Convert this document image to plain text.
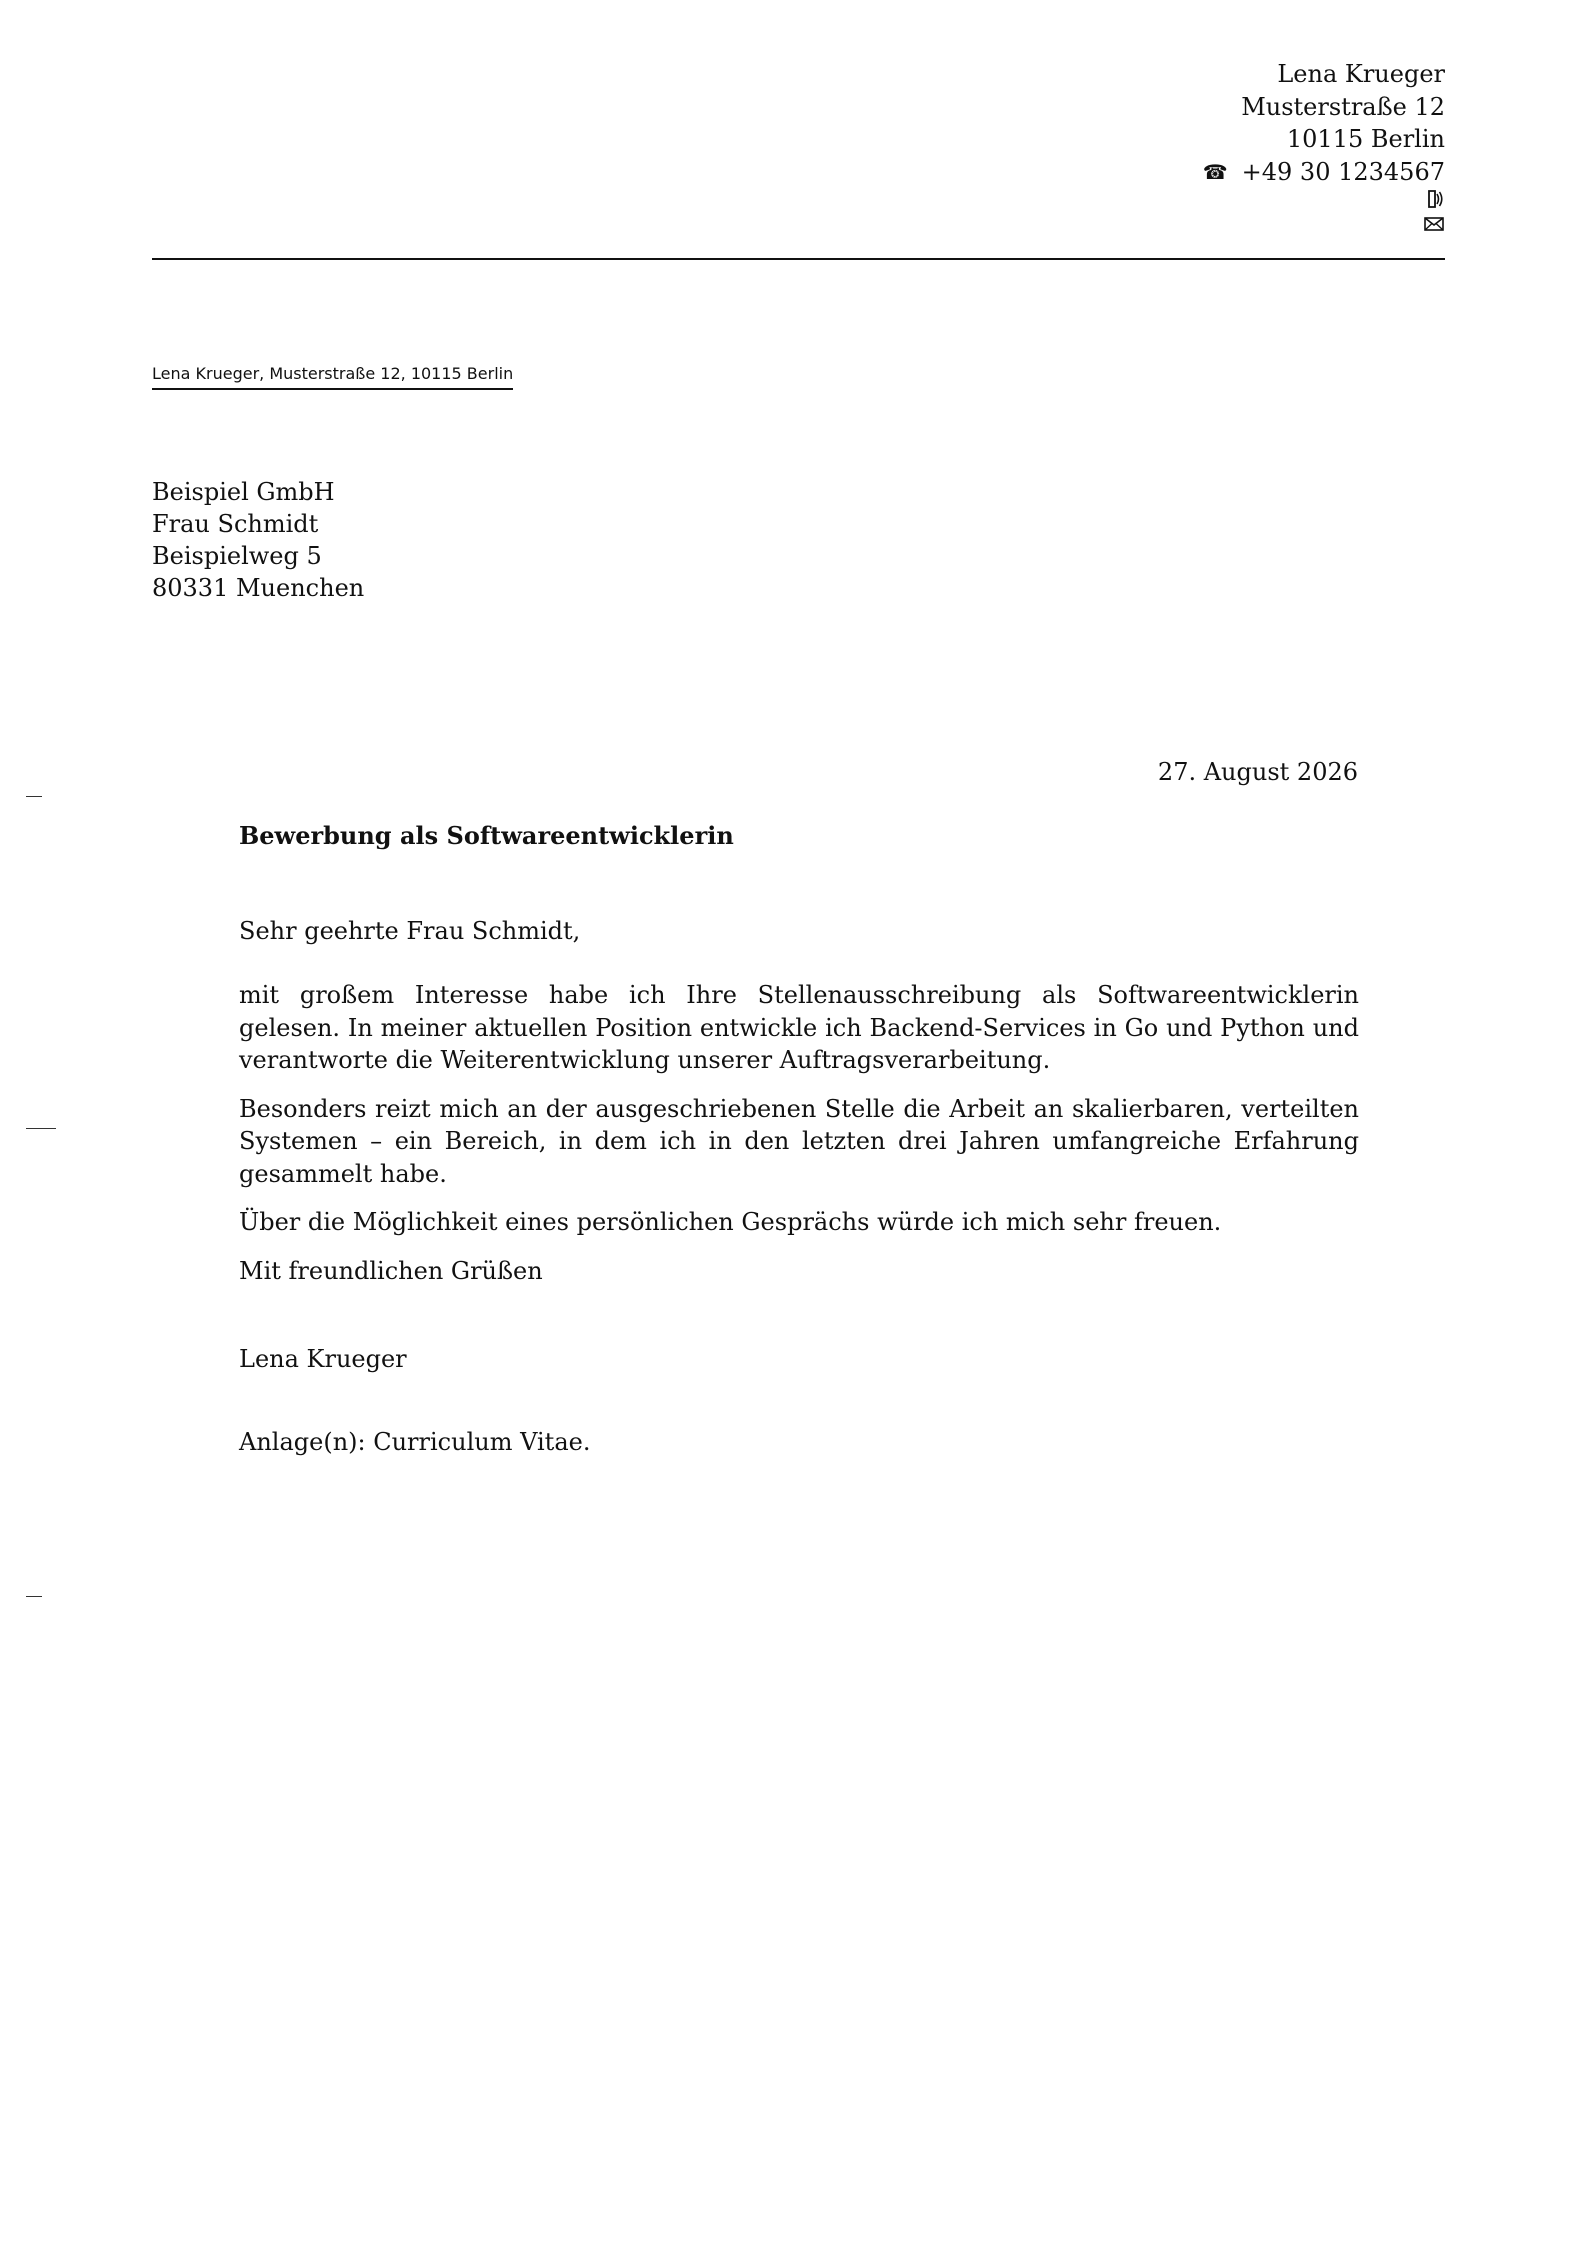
Lena Krueger
Musterstraße 12
10115 Berlin
☎ +49 30 1234567
Lena Krueger, Musterstraße 12, 10115 Berlin
Beispiel GmbH
Frau Schmidt
Beispielweg 5
80331 Muenchen
27. August 2026

Bewerbung als Softwareentwicklerin

Sehr geehrte Frau Schmidt,

mit großem Interesse habe ich Ihre Stellenausschreibung als Softwareentwicklerin gelesen. In meiner aktuellen Position entwickle ich Backend-Services in Go und Python und verantworte die Weiterentwicklung unserer Auftragsverarbeitung.

Besonders reizt mich an der ausgeschriebenen Stelle die Arbeit an skalierbaren, verteilten Systemen – ein Bereich, in dem ich in den letzten drei Jahren umfangreiche Erfahrung gesammelt habe.

Über die Möglichkeit eines persönlichen Gesprächs würde ich mich sehr freuen.

Mit freundlichen Grüßen

Lena Krueger

Anlage(n): Curriculum Vitae.
